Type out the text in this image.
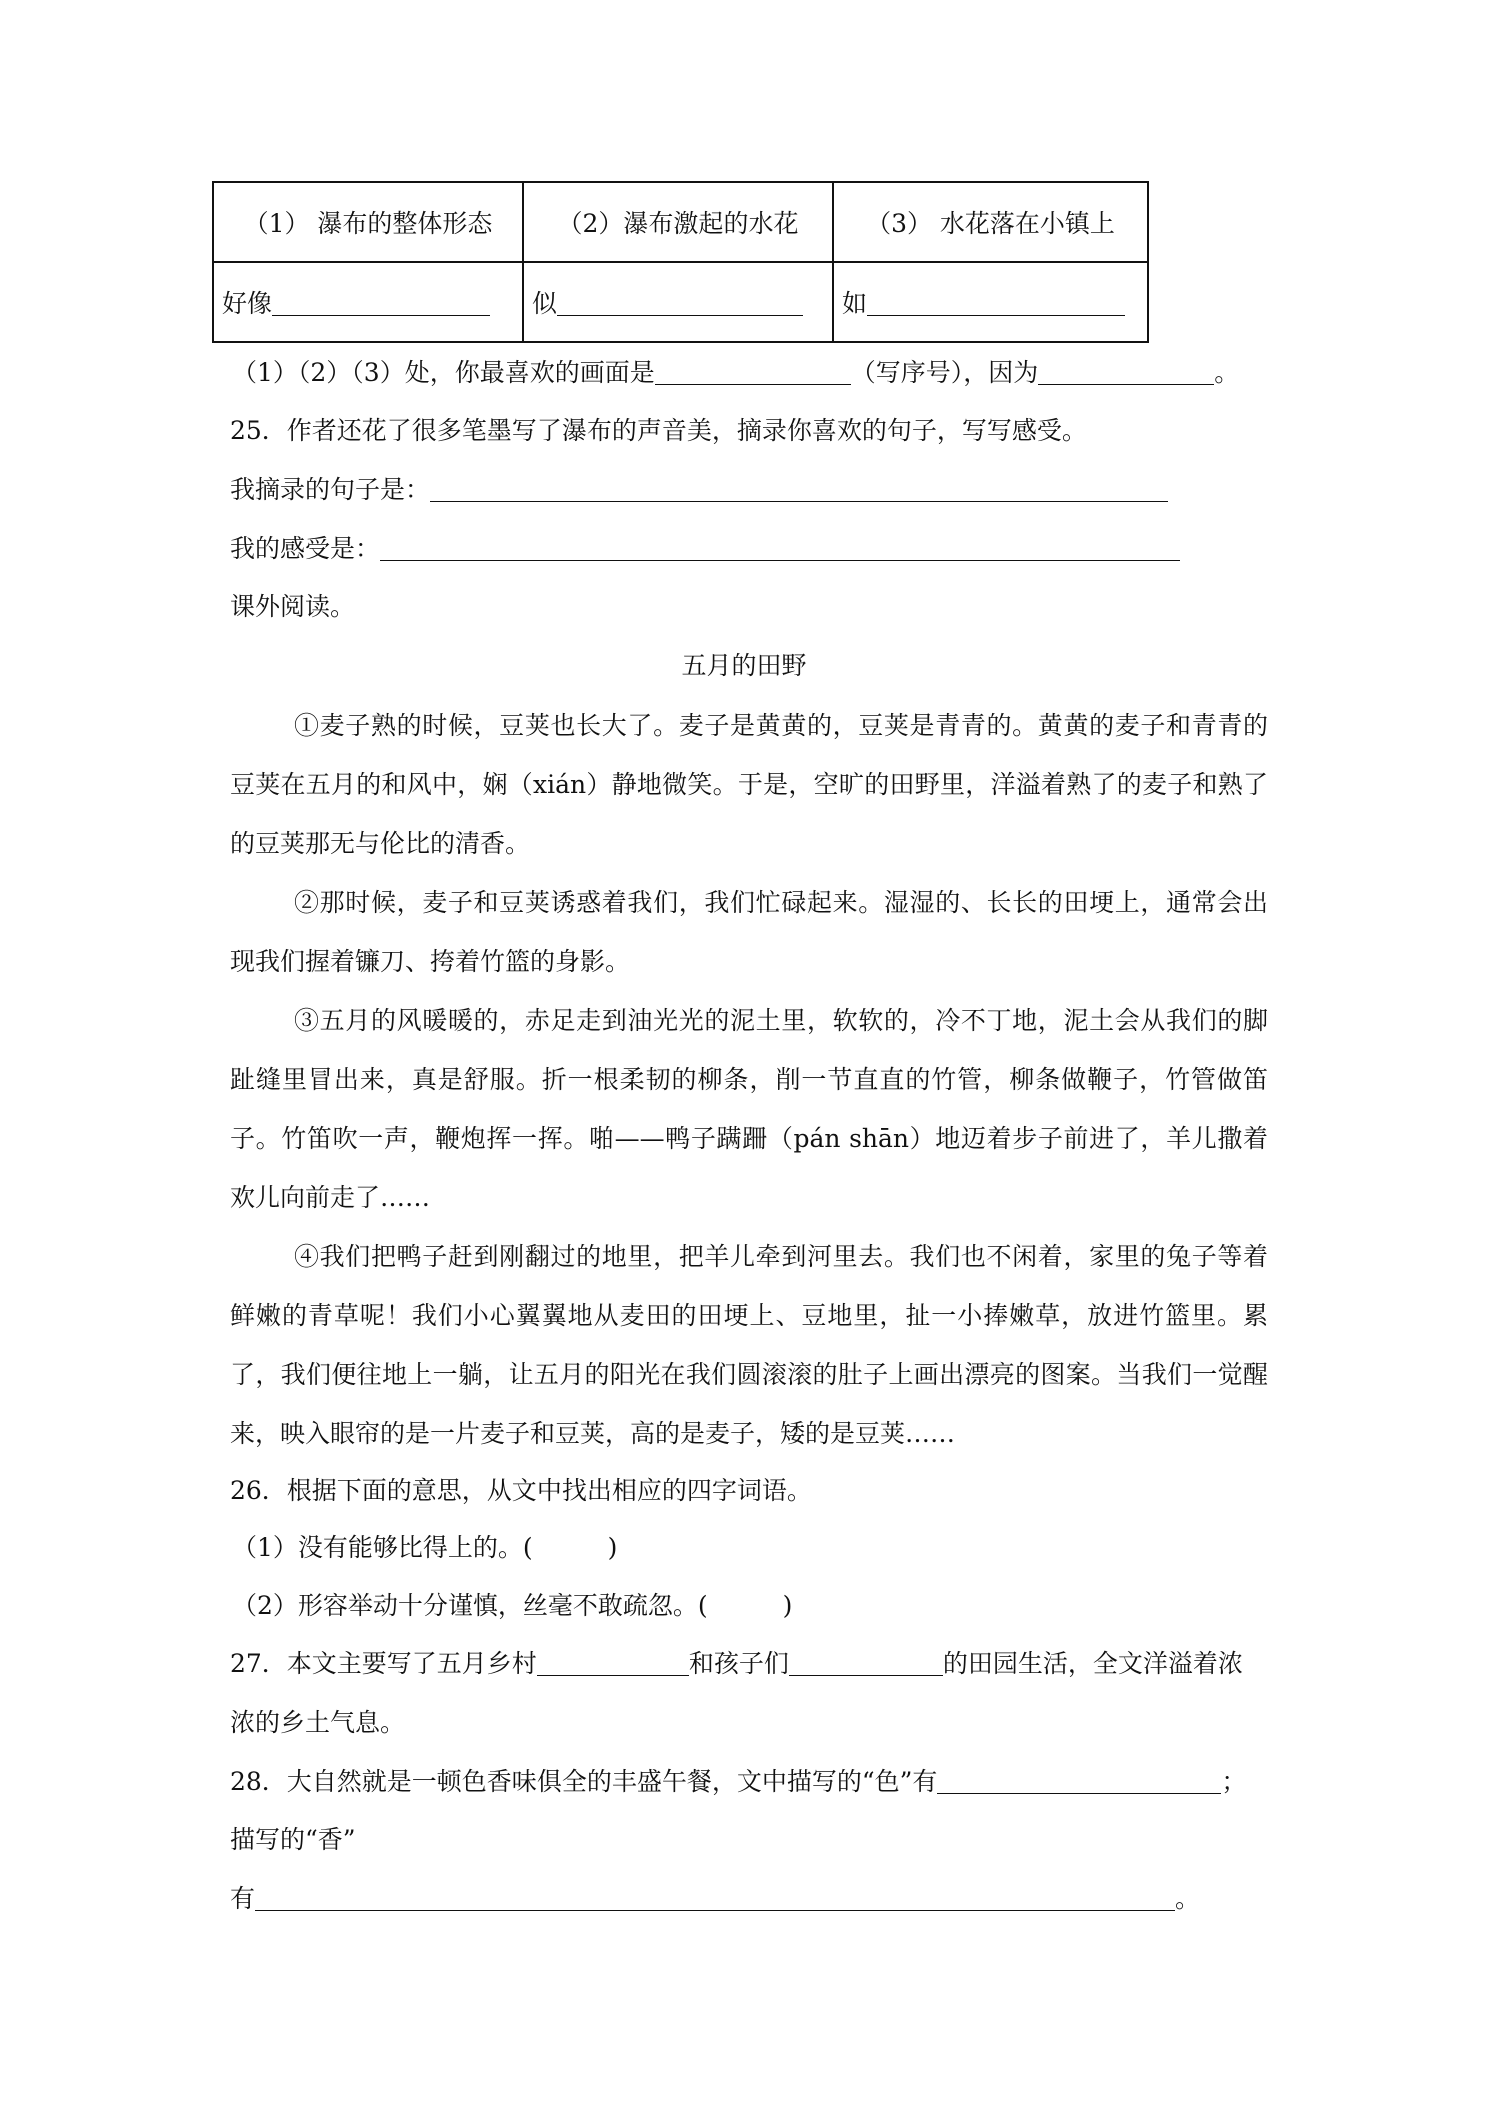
（1） 瀑布的整体形态	（2）瀑布激起的水花	（3） 水花落在小镇上
好像	似	如
（1）（2）（3）处，你最喜欢的画面是	（写序号），因为	。
25．作者还花了很多笔墨写了瀑布的声音美，摘录你喜欢的句子，写写感受。
我摘录的句子是：
我的感受是：
课外阅读。
五月的田野

①麦子熟的时候，豆荚也长大了。麦子是黄黄的，豆荚是青青的。黄黄的麦子和青青的豆荚在五月的和风中，娴（xián）静地微笑。于是，空旷的田野里，洋溢着熟了的麦子和熟了的豆荚那无与伦比的清香。

②那时候，麦子和豆荚诱惑着我们，我们忙碌起来。湿湿的、长长的田埂上，通常会出现我们握着镰刀、挎着竹篮的身影。

③五月的风暖暖的，赤足走到油光光的泥土里，软软的，冷不丁地，泥土会从我们的脚趾缝里冒出来，真是舒服。折一根柔韧的柳条，削一节直直的竹管，柳条做鞭子，竹管做笛子。竹笛吹一声，鞭炮挥一挥。啪——鸭子蹒跚（pán shān）地迈着步子前进了，羊儿撒着欢儿向前走了……

④我们把鸭子赶到刚翻过的地里，把羊儿牵到河里去。我们也不闲着，家里的兔子等着鲜嫩的青草呢！我们小心翼翼地从麦田的田埂上、豆地里，扯一小捧嫩草，放进竹篮里。累了，我们便往地上一躺，让五月的阳光在我们圆滚滚的肚子上画出漂亮的图案。当我们一觉醒来，映入眼帘的是一片麦子和豆荚，高的是麦子，矮的是豆荚……

26．根据下面的意思，从文中找出相应的四字词语。
（1）没有能够比得上的。(　　　)
（2）形容举动十分谨慎，丝毫不敢疏忽。(　　　)
27．本文主要写了五月乡村	和孩子们	的田园生活，全文洋溢着浓
浓的乡土气息。
28．大自然就是一顿色香味俱全的丰盛午餐，文中描写的“色”有	；
描写的“香”
有	。
